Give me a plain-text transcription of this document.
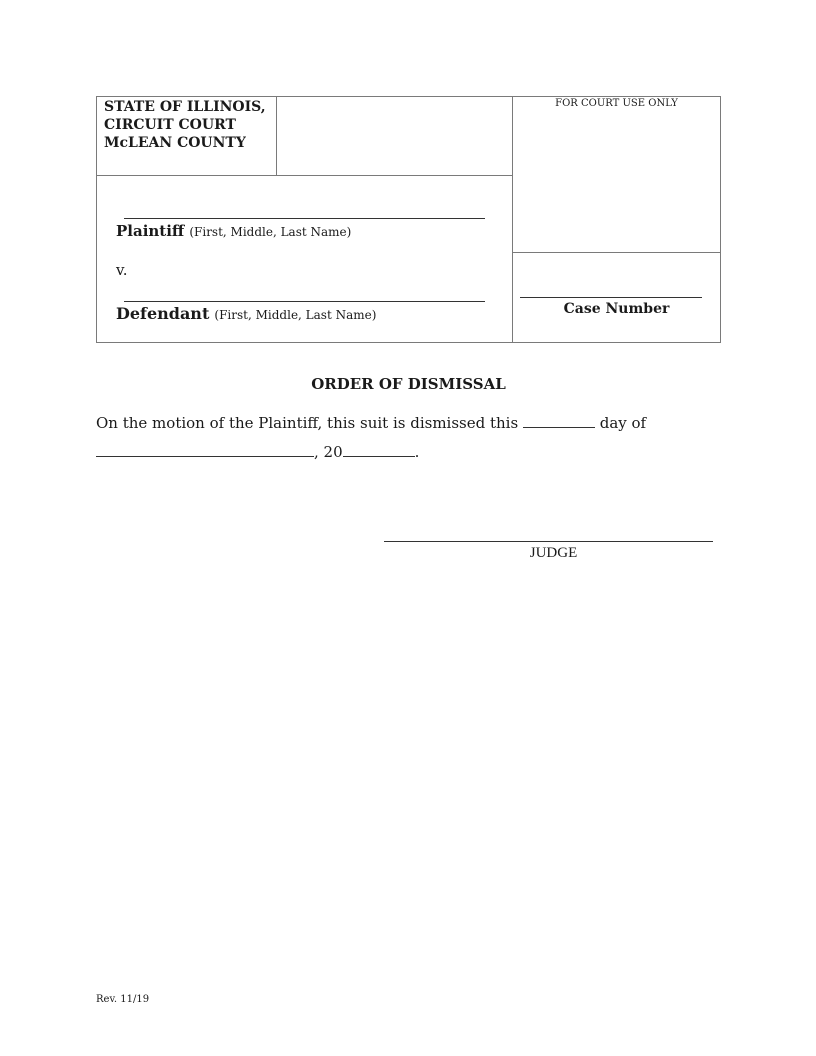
STATE OF ILLINOIS,
CIRCUIT COURT
McLEAN COUNTY
FOR COURT USE ONLY
Plaintiff (First, Middle, Last Name)
v.
Defendant (First, Middle, Last Name)	Case Number
ORDER OF DISMISSAL
On the motion of the Plaintiff, this suit is dismissed this	day of
, 20	.
JUDGE
Rev. 11/19
